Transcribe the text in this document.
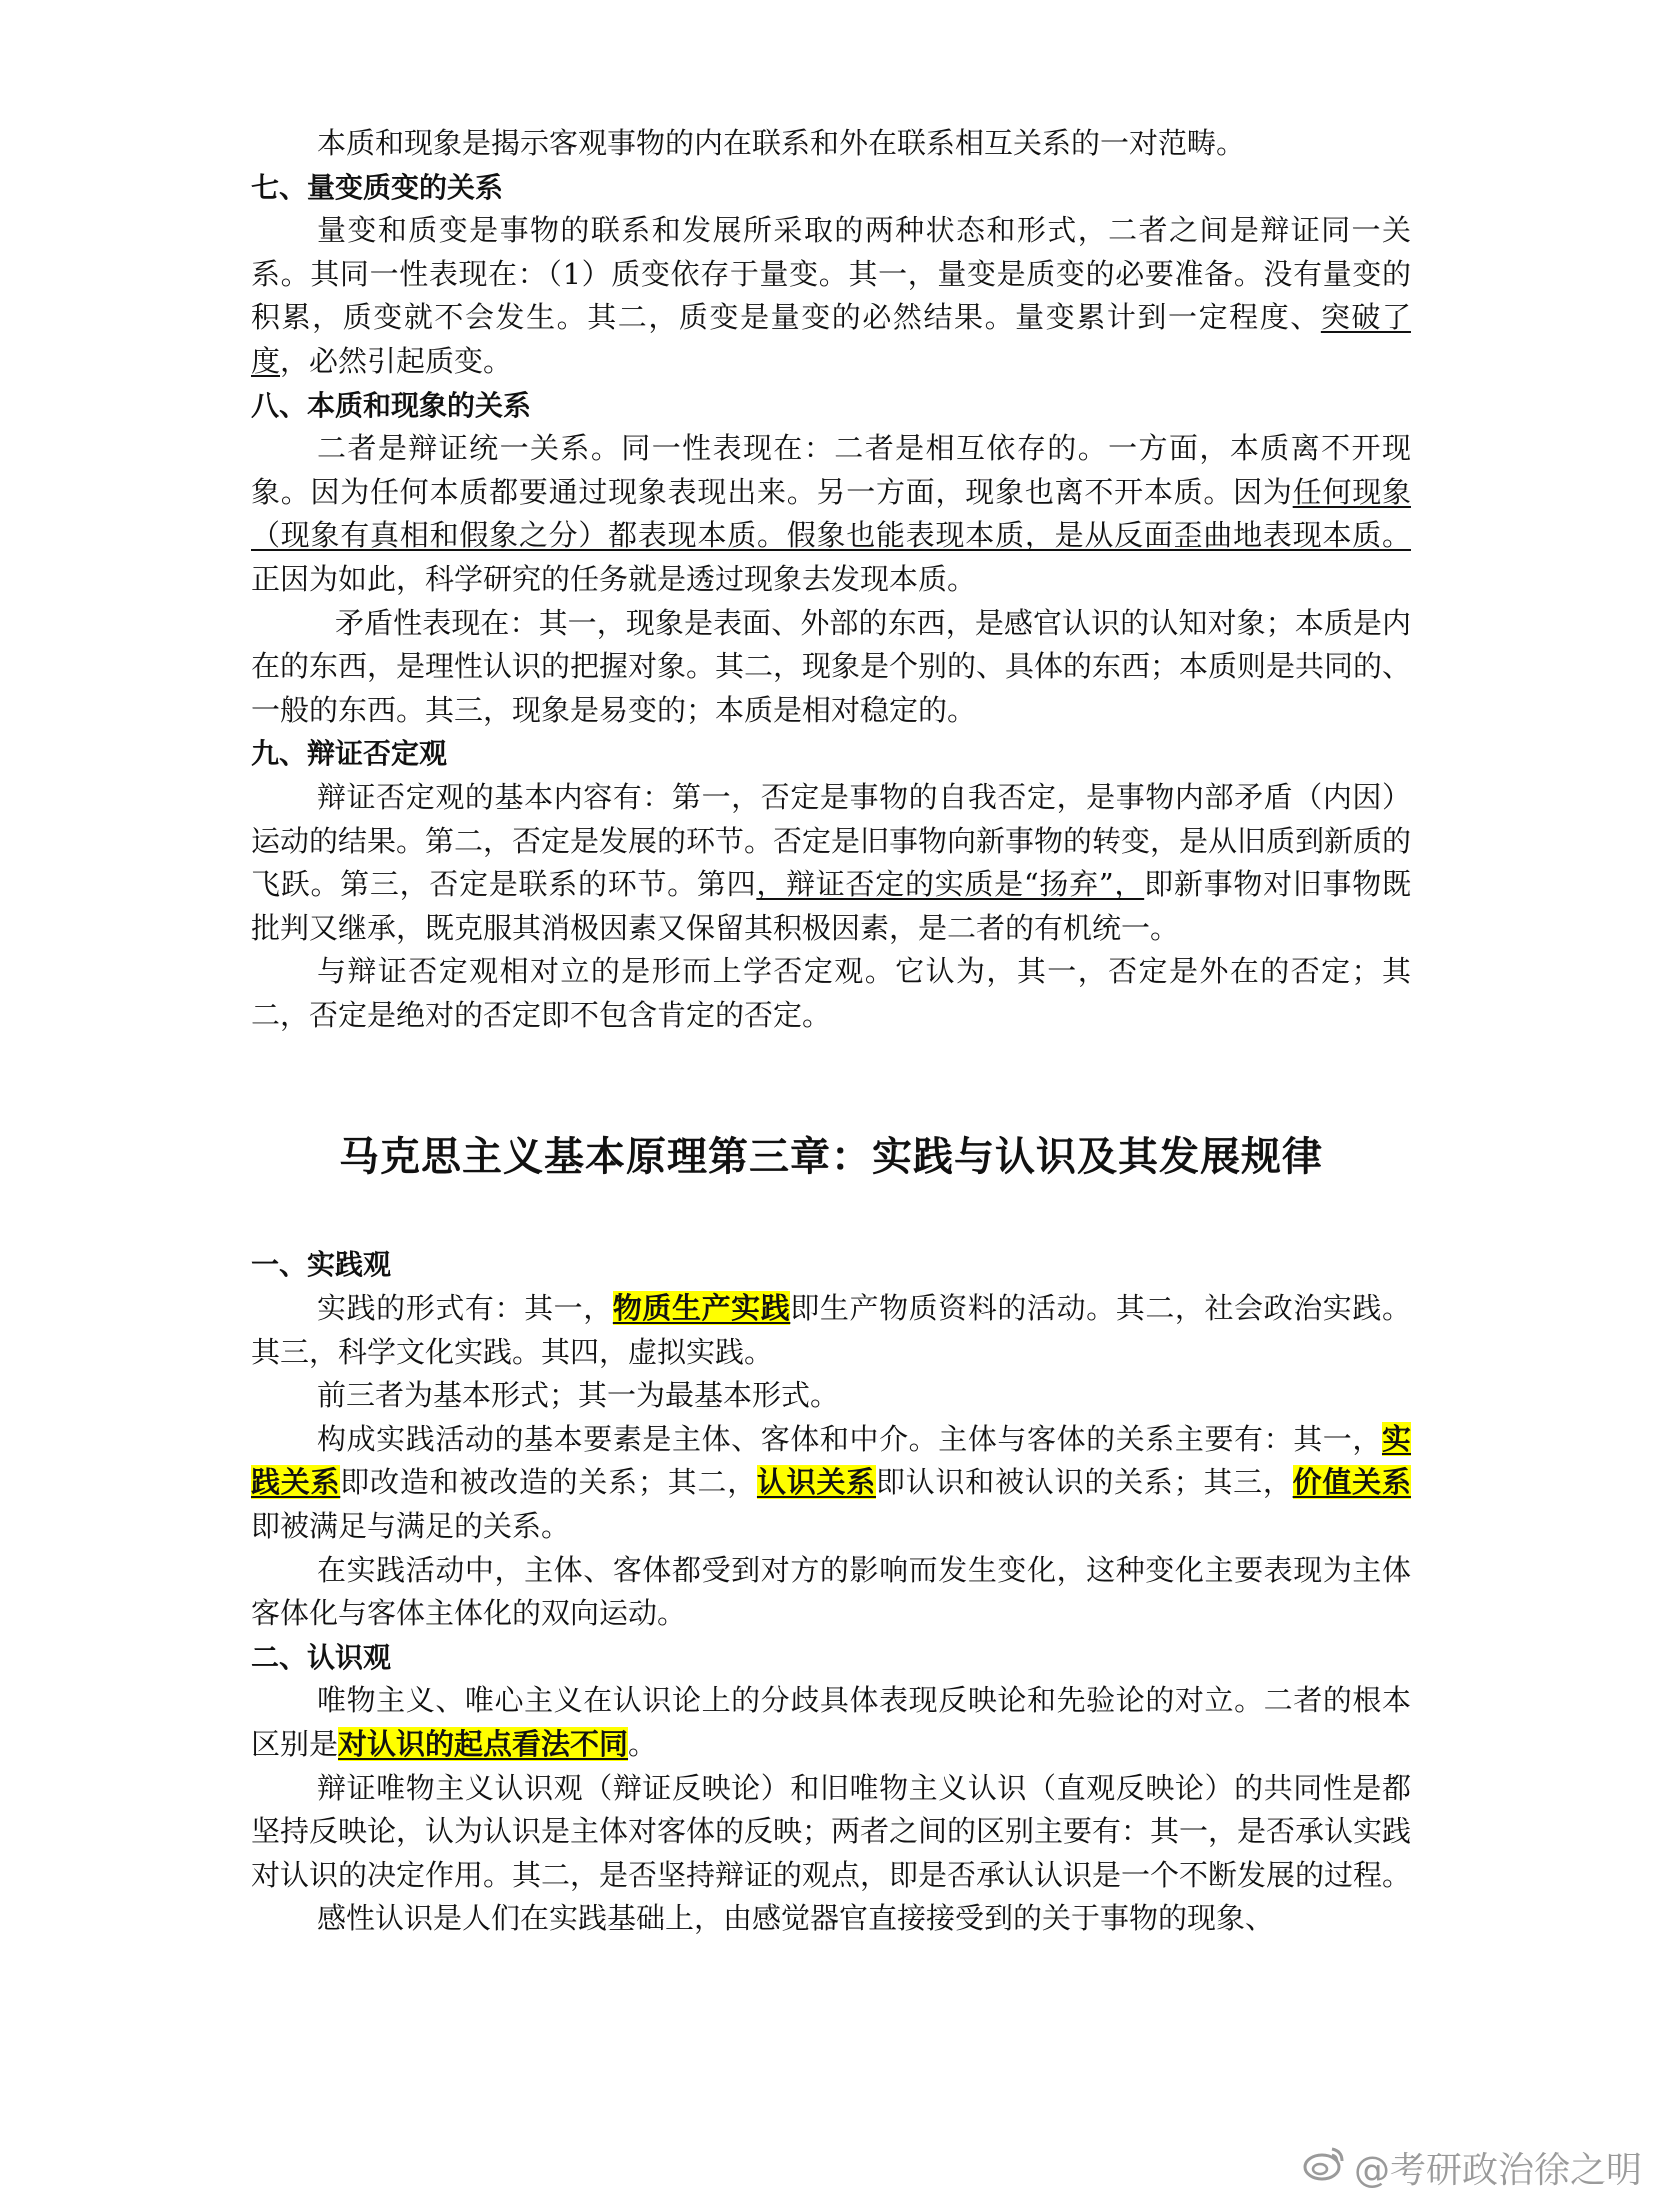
本质和现象是揭示客观事物的内在联系和外在联系相互关系的一对范畴。

七、量变质变的关系

量变和质变是事物的联系和发展所采取的两种状态和形式，二者之间是辩证同一关系。其同一性表现在：（1）质变依存于量变。其一，量变是质变的必要准备。没有量变的积累，质变就不会发生。其二，质变是量变的必然结果。量变累计到一定程度、突破了度，必然引起质变。

八、本质和现象的关系

二者是辩证统一关系。同一性表现在：二者是相互依存的。一方面，本质离不开现象。因为任何本质都要通过现象表现出来。另一方面，现象也离不开本质。因为任何现象（现象有真相和假象之分）都表现本质。假象也能表现本质，是从反面歪曲地表现本质。正因为如此，科学研究的任务就是透过现象去发现本质。

矛盾性表现在：其一，现象是表面、外部的东西，是感官认识的认知对象；本质是内在的东西，是理性认识的把握对象。其二，现象是个别的、具体的东西；本质则是共同的、一般的东西。其三，现象是易变的；本质是相对稳定的。

九、辩证否定观

辩证否定观的基本内容有：第一，否定是事物的自我否定，是事物内部矛盾（内因）运动的结果。第二，否定是发展的环节。否定是旧事物向新事物的转变，是从旧质到新质的飞跃。第三，否定是联系的环节。第四，辩证否定的实质是“扬弃”，即新事物对旧事物既批判又继承，既克服其消极因素又保留其积极因素，是二者的有机统一。

与辩证否定观相对立的是形而上学否定观。它认为，其一，否定是外在的否定；其二，否定是绝对的否定即不包含肯定的否定。

马克思主义基本原理第三章：实践与认识及其发展规律
一、实践观

实践的形式有：其一，物质生产实践即生产物质资料的活动。其二，社会政治实践。其三，科学文化实践。其四，虚拟实践。

前三者为基本形式；其一为最基本形式。

构成实践活动的基本要素是主体、客体和中介。主体与客体的关系主要有：其一，实践关系即改造和被改造的关系；其二，认识关系即认识和被认识的关系；其三，价值关系即被满足与满足的关系。

在实践活动中，主体、客体都受到对方的影响而发生变化，这种变化主要表现为主体客体化与客体主体化的双向运动。

二、认识观

唯物主义、唯心主义在认识论上的分歧具体表现反映论和先验论的对立。二者的根本区别是对认识的起点看法不同。

辩证唯物主义认识观（辩证反映论）和旧唯物主义认识（直观反映论）的共同性是都坚持反映论，认为认识是主体对客体的反映；两者之间的区别主要有：其一，是否承认实践对认识的决定作用。其二，是否坚持辩证的观点，即是否承认认识是一个不断发展的过程。

感性认识是人们在实践基础上，由感觉器官直接接受到的关于事物的现象、

@考研政治徐之明
